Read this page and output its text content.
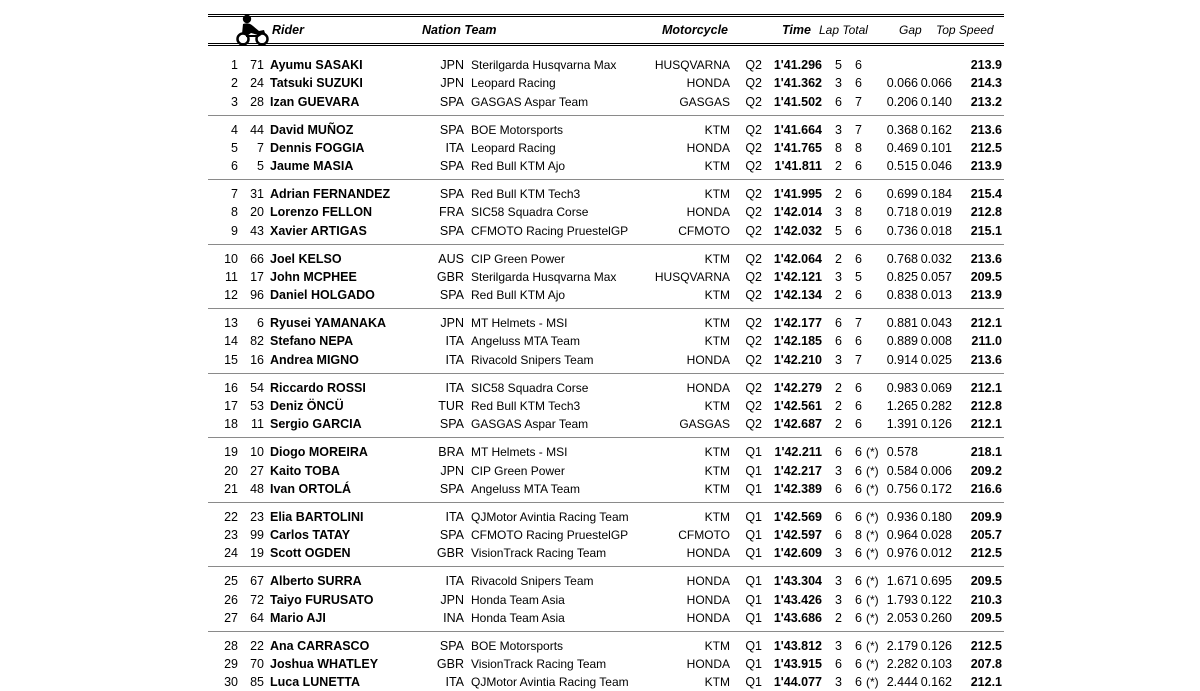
Rider	Nation Team	Motorcycle	Time Lap Total	Gap Top Speed
1 71 Ayumu SASAKI	JPN Sterilgarda Husqvarna Max	HUSQVARNA	Q2 1'41.296	5	6	213.9
2 24 Tatsuki SUZUKI	JPN Leopard Racing	HONDA	Q2 1'41.362	3	6	0.066 0.066	214.3
3 28 Izan GUEVARA	SPA GASGAS Aspar Team	GASGAS	Q2 1'41.502	6	7	0.206 0.140	213.2
4 44 David MUÑOZ	SPA BOE Motorsports	KTM	Q2 1'41.664	3	7	0.368 0.162	213.6
5	7 Dennis FOGGIA	ITA Leopard Racing	HONDA	Q2 1'41.765	8	8	0.469 0.101	212.5
6	5 Jaume MASIA	SPA Red Bull KTM Ajo	KTM	Q2	1'41.811	2	6	0.515 0.046	213.9
7 31 Adrian FERNANDEZ	SPA Red Bull KTM Tech3	KTM	Q2 1'41.995	2	6	0.699 0.184	215.4
8 20 Lorenzo FELLON	FRA SIC58 Squadra Corse	HONDA	Q2 1'42.014	3	8	0.718 0.019	212.8
9 43 Xavier ARTIGAS	SPA CFMOTO Racing PruestelGP	CFMOTO	Q2 1'42.032	5	6	0.736 0.018	215.1
10 66 Joel KELSO	AUS CIP Green Power	KTM	Q2 1'42.064	2	6	0.768 0.032	213.6
11 17 John MCPHEE	GBR Sterilgarda Husqvarna Max	HUSQVARNA	Q2 1'42.121	3	5	0.825 0.057	209.5
12 96 Daniel HOLGADO	SPA Red Bull KTM Ajo	KTM	Q2 1'42.134	2	6	0.838 0.013	213.9
13	6 Ryusei YAMANAKA	JPN MT Helmets - MSI	KTM	Q2 1'42.177	6	7	0.881 0.043	212.1
14 82 Stefano NEPA	ITA Angeluss MTA Team	KTM	Q2 1'42.185	6	6	0.889 0.008	211.0
15 16 Andrea MIGNO	ITA Rivacold Snipers Team	HONDA	Q2 1'42.210	3	7	0.914 0.025	213.6
16 54 Riccardo ROSSI	ITA SIC58 Squadra Corse	HONDA	Q2 1'42.279	2	6	0.983 0.069	212.1
17 53 Deniz ÖNCÜ	TUR Red Bull KTM Tech3	KTM	Q2 1'42.561	2	6	1.265 0.282	212.8
18	11 Sergio GARCIA	SPA GASGAS Aspar Team	GASGAS	Q2 1'42.687	2	6	1.391 0.126	212.1
19 10 Diogo MOREIRA	BRA MT Helmets - MSI	KTM	Q1	1'42.211	6	6 (*) 0.578	218.1
20 27 Kaito TOBA	JPN CIP Green Power	KTM	Q1 1'42.217	3	6 (*) 0.584 0.006	209.2
21 48 Ivan ORTOLÁ	SPA Angeluss MTA Team	KTM	Q1 1'42.389	6	6 (*) 0.756 0.172	216.6
22 23 Elia BARTOLINI	ITA QJMotor Avintia Racing Team	KTM	Q1 1'42.569	6	6 (*) 0.936 0.180	209.9
23 99 Carlos TATAY	SPA CFMOTO Racing PruestelGP	CFMOTO	Q1 1'42.597	6	8 (*) 0.964 0.028	205.7
24 19 Scott OGDEN	GBR VisionTrack Racing Team	HONDA	Q1 1'42.609	3	6 (*) 0.976 0.012	212.5
25 67 Alberto SURRA	ITA Rivacold Snipers Team	HONDA	Q1 1'43.304	3	6 (*) 1.671 0.695	209.5
26 72 Taiyo FURUSATO	JPN Honda Team Asia	HONDA	Q1 1'43.426	3	6 (*) 1.793 0.122	210.3
27 64 Mario AJI	INA Honda Team Asia	HONDA	Q1 1'43.686	2	6 (*) 2.053 0.260	209.5
28 22 Ana CARRASCO	SPA BOE Motorsports	KTM	Q1 1'43.812	3	6 (*) 2.179 0.126	212.5
29 70 Joshua WHATLEY	GBR VisionTrack Racing Team	HONDA	Q1 1'43.915	6	6 (*) 2.282 0.103	207.8
30 85 Luca LUNETTA	ITA QJMotor Avintia Racing Team	KTM	Q1 1'44.077	3	6 (*) 2.444 0.162	212.1
